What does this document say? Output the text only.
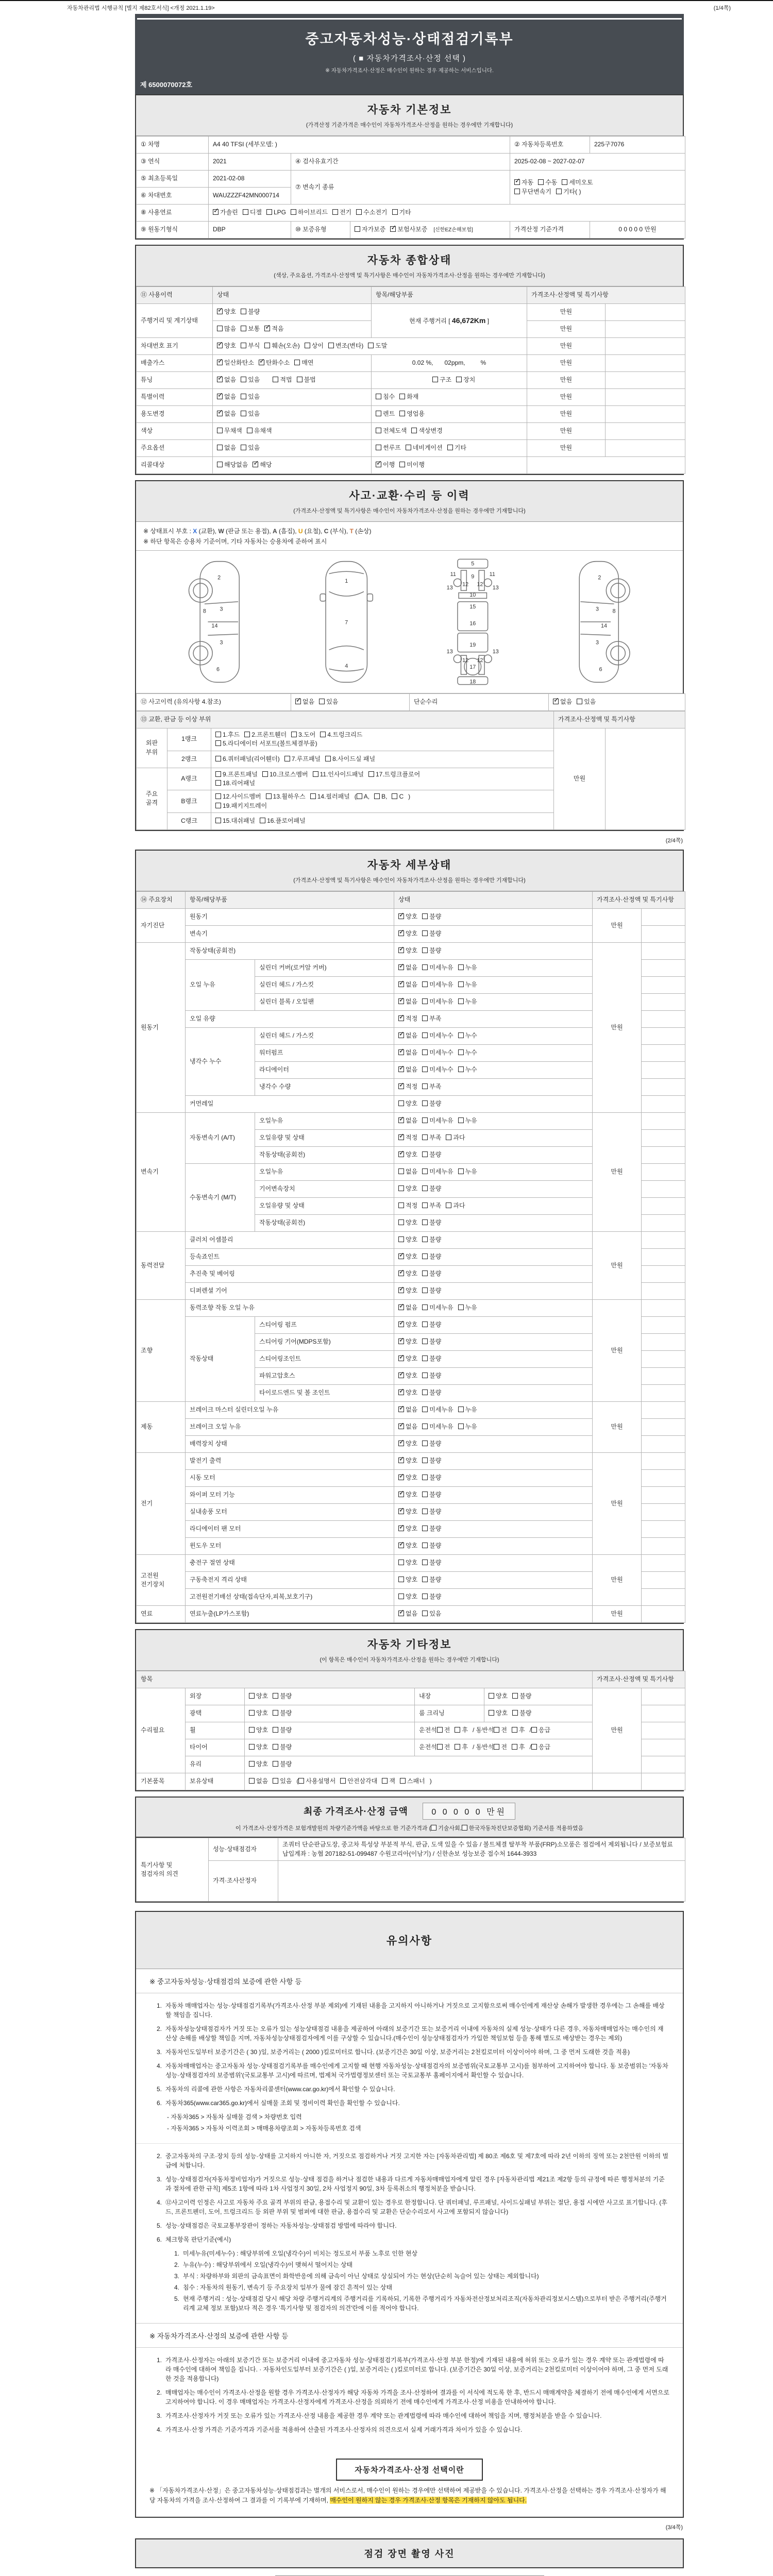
자동차관리법 시행규칙 [별지 제82호서식] <개정 2021.1.19>	(1/4쪽)
중고자동차성능·상태점검기록부
( ■ 자동차가격조사·산정 선택 )
※ 자동차가격조사·산정은 매수인이 원하는 경우 제공하는 서비스입니다.
제 6500070072호
자동차 기본정보
(가격산정 기준가격은 매수인이 자동차가격조사·산정을 원하는 경우에만 기재합니다)
① 차명	A4 40 TFSI (세부모델: )			② 자동차등록번호	225구7076
③ 연식	2021	④ 검사유효기간		2025-02-08 ~ 2027-02-07	
⑤ 최초등록일	2021-02-08	⑦ 변속기 종류	✓자동 수동 세미오토
무단변속기 기타( )
⑥ 차대번호	WAUZZZF42MN000714				
⑧ 사용연료	✓가솔린 디젤 LPG 하이브리드 전기 수소전기 기타
⑨ 원동기형식	DBP	⑩ 보증유형	자가보증 ✓ 보험사보증 [신한EZ손해보험]	가격산정 기준가격	0 0 0 0 0 만원
자동차 종합상태
(색상, 주요옵션, 가격조사·산정액 및 특기사항은 매수인이 자동차가격조사·산정을 원하는 경우에만 기재합니다)
⑪ 사용이력	상태	항목/해당부품	가격조사·산정액 및 특기사항	
주행거리 및 계기상태	✓양호 불량	현재 주행거리 [ 46,672Km ]	만원	
	많음 보통 ✓ 적음		만원	
차대번호 표기	✓양호 부식 훼손(오손) 상이 변조(변타) 도말		만원	
배출가스	✓일산화탄소 ✓ 탄화수소 매연	0.02 %, 02ppm, %	만원	
튜닝	✓없음 있음 적법 불법	구조 장치	만원	
특별이력	✓없음 있음	침수 화재	만원	
용도변경	✓없음 있음	렌트 영업용	만원	
색상	무채색 유채색	전체도색 색상변경	만원	
주요옵션	없음 있음	썬루프 네비게이션 기타	만원	
리콜대상	해당없음 ✓ 해당	✓이행 미이행	
사고·교환·수리 등 이력
(가격조사·산정액 및 특기사항은 매수인이 자동차가격조사·산정을 원하는 경우에만 기재합니다)
※ 상태표시 부호 : X (교환), W (판금 또는 용접), A (흠집), U (요철), C (부식), T (손상)
※ 하단 항목은 승용차 기준이며, 기타 자동차는 승용차에 준하여 표시
2
8	3
14
3
6
1
7
4
5
11	9	11
13
12 12
13
10
15
16
19
13	13
12 12
17
18
2
8
3
14
3
6
⑫ 사고이력 (유의사항 4.참조)	✓없음 있음	단순수리	✓없음 있음
⑬ 교환, 판금 등 이상 부위			가격조사·산정액 및 특기사항	
외판
부위	1랭크	1.후드 2.프론트휀더 3.도어 4.트렁크리드
5.라디에이터 서포트(볼트체결부품)	만원	
	2랭크	6.쿼터패널(리어휀더) 7.루프패널 8.사이드실 패널		
주요
골격	A랭크	9.프론트패널 10.크로스멤버 11.인사이드패널 17.트렁크플로어
18.리어패널		
	B랭크	12.사이드멤버 13.휠하우스 14.필러패널 ( A, B, C )
19.패키지트레이		
	C랭크	15.대쉬패널 16.플로어패널		
(2/4쪽)
자동차 세부상태
(가격조사·산정액 및 특기사항은 매수인이 자동차가격조사·산정을 원하는 경우에만 기재합니다)
⑭ 주요장치	항목/해당부품		상태	가격조사·산정액 및 특기사항	
자기진단	원동기	✓양호 불량	만원	
	변속기	✓양호 불량	
원동기	작동상태(공회전)	✓양호 불량	만원	
	오일 누유	실린더 커버(로커암 커버)	✓없음 미세누유 누유	
		실린더 헤드 / 가스킷	✓없음 미세누유 누유	
		실린더 블록 / 오일팬	✓없음 미세누유 누유	
	오일 유량	✓적정 부족	
	냉각수 누수	실린더 헤드 / 가스킷	✓없음 미세누수 누수	
		워터펌프	✓없음 미세누수 누수	
		라디에이터	✓없음 미세누수 누수	
		냉각수 수량	✓적정 부족	
	커먼레일		양호 불량		
변속기	자동변속기 (A/T)	오일누유	✓없음 미세누유 누유	만원	
		오일유량 및 상태	✓적정 부족 과다	
		작동상태(공회전)	✓양호 불량	
	수동변속기 (M/T)	오일누유	없음 미세누유 누유		
		기어변속장치	양호 불량		
		오일유량 및 상태	적정 부족 과다		
		작동상태(공회전)	양호 불량		
동력전달	클러치 어셈블리		양호 불량	만원	
	등속죠인트	✓양호 불량	
	추진축 및 베어링	✓양호 불량	
	디퍼렌셜 기어	✓양호 불량	
조향	동력조향 작동 오일 누유	✓없음 미세누유 누유	만원	
	작동상태	스티어링 펌프	✓양호 불량	
		스티어링 기어(MDPS포함)	✓양호 불량	
		스티어링조인트	✓양호 불량	
		파워고압호스	✓양호 불량	
		타이로드엔드 및 볼 조인트	✓양호 불량	
제동	브레이크 마스터 실린더오일 누유	✓없음 미세누유 누유	만원	
	브레이크 오일 누유	✓없음 미세누유 누유	
	배력장치 상태	✓양호 불량	
전기	발전기 출력	✓양호 불량	만원	
	시동 모터	✓양호 불량	
	와이퍼 모터 기능	✓양호 불량	
	실내송풍 모터	✓양호 불량	
	라디에이터 팬 모터	✓양호 불량	
	윈도우 모터	✓양호 불량	
고전원
전기장치	충전구 절연 상태		양호 불량	만원	
	구동축전지 격리 상태		양호 불량		
	고전원전기배선 상태(접속단자,피복,보호기구)		양호 불량		
연료	연료누출(LP가스포함)	✓없음 있음	만원	
자동차 기타정보
(이 항목은 매수인이 자동차가격조사·산정을 원하는 경우에만 기재합니다)
항목					가격조사·산정액 및 특기사항	
수리필요	외장	양호 불량	내장	양호 불량	만원	
	광택	양호 불량	룸 크리닝	양호 불량		
	휠	양호 불량	운전석 전 후 / 동반석 전 후 / 응급			
	타이어	양호 불량	운전석 전 후 / 동반석 전 후 / 응급			
	유리	양호 불량				
기본품목	보유상태	없음 있음 ( 사용설명서 안전삼각대 잭 스패너 )				
최종 가격조사·산정 금액	0 0 0 0 0 만원
이 가격조사·산정가격은 보험개발원의 차량기준가액을 바탕으로 한 기준가격과 ( 기술사회, 한국자동차진단보증협회) 기준서를 적용하였음
특기사항 및
점검자의 의견	성능·상태점검자	조쿼터 단순판금도장, 중고차 특성상 부분적 부식, 판금, 도색 있을 수 있음 / 볼트체결 탈부착 부품(FRP)소모품은 점검에서 제외됩니다 / 보증보험료 납입계좌 : 농협 207182-51-099487 수원코리아(이남기) / 신한손보 성능보증 접수처 1644-3933
	가격·조사산정자	
유의사항
※ 중고자동차성능·상태점검의 보증에 관한 사항 등
1. 자동차 매매업자는 성능·상태점검기록부(가격조사·산정 부분 제외)에 기재된 내용을 고지하지 아니하거나 거짓으로 고지함으로써 매수인에게 재산상 손해가 발생한 경우에는 그 손해를 배상할 책임을 집니다.
2. 자동차성능상태점검자가 거짓 또는 오류가 있는 성능상태점검 내용을 제공하여 아래의 보증기간 또는 보증거리 이내에 자동차의 실제 성능·상태가 다른 경우, 자동차매매업자는 매수인의 재산상 손해를 배상할 책임을 지며, 자동차성능상태점검자에게 이를 구상할 수 있습니다.(매수인이 성능상태점검자가 가입한 책임보험 등을 통해 별도로 배상받는 경우는 제외)
3. 자동차인도일부터 보증기간은 ( 30 )일, 보증거리는 ( 2000 )킬로미터로 합니다. (보증기간은 30일 이상, 보증거리는 2천킬로미터 이상이어야 하며, 그 중 먼저 도래한 것을 적용)
4. 자동차매매업자는 중고자동차 성능·상태점검기록부를 매수인에게 고지할 때 현행 자동차성능·상태점검자의 보증범위(국토교통부 고시)를 첨부하여 고지하여야 합니다. 동 보증범위는 '자동차성능·상태점검자의 보증범위'(국토교통부 고시)에 따르며, 법제처 국가법령정보센터 또는 국토교통부 홈페이지에서 확인할 수 있습니다.
5. 자동차의 리콜에 관한 사항은 자동차리콜센터(www.car.go.kr)에서 확인할 수 있습니다.
6. 자동차365(www.car365.go.kr)에서 실매물 조회 및 정비이력 확인을 확인할 수 있습니다.
- 자동차365 > 자동차 실매물 검색 > 차량번호 입력
- 자동차365 > 자동차 이력조회 > 매매용차량조회 > 자동차등록번호 검색
2. 중고자동차의 구조·장치 등의 성능·상태를 고지하지 아니한 자, 거짓으로 점검하거나 거짓 고지한 자는 [자동차관리법] 제 80조 제6호 및 제7호에 따라 2년 이하의 징역 또는 2천만원 이하의 벌금에 처합니다.
3. 성능·상태점검자(자동차정비업자)가 거짓으로 성능·상태 점검을 하거나 점검한 내용과 다르게 자동차매매업자에게 알린 경우 [자동차관리법 제21조 제2항 등의 규정에 따른 행정처분의 기준과 절차에 관한 규칙] 제5조 1항에 따라 1차 사업정지 30일, 2차 사업정지 90일, 3차 등록취소의 행정처분을 받습니다.
4. ⑫사고이력 인정은 사고로 자동차 주요 골격 부위의 판금, 용접수리 및 교환이 있는 경우로 한정합니다. 단 쿼터패널, 루프패널, 사이드실패널 부위는 절단, 용접 시에만 사고로 표기합니다. (후드, 프론트펜더, 도어, 트렁크리드 등 외판 부위 및 범퍼에 대한 판금, 용접수리 및 교환은 단순수리로서 사고에 포함되지 않습니다)
5. 성능·상태점검은 국토교통부장관이 정하는 자동차성능·상태점검 방법에 따라야 합니다.
6. 체크항목 판단기준(예시)
1. 미세누유(미세누수) : 해당부위에 오일(냉각수)이 비치는 정도로서 부품 노후로 인한 현상
2. 누유(누수) : 해당부위에서 오일(냉각수)이 맺혀서 떨어지는 상태
3. 부식 : 차량하부와 외판의 금속표면이 화학반응에 의해 금속이 아닌 상태로 상실되어 가는 현상(단순히 녹슬어 있는 상태는 제외합니다)
4. 침수 : 자동차의 원동기, 변속기 등 주요장치 일부가 물에 잠긴 흔적이 있는 상태
5. 현재 주행거리 : 성능·상태점검 당시 해당 차량 주행거리계의 주행거리를 기록하되, 기록한 주행거리가 자동차전산정보처리조직(자동차관리정보시스템)으로부터 받은 주행거리(주행거리계 교체 정보 포함)보다 적은 경우 '특기사항 및 점검자의 의견'란에 이를 적어야 합니다.
※ 자동차가격조사·산정의 보증에 관한 사항 등
1. 가격조사·산정자는 아래의 보증기간 또는 보증거리 이내에 중고자동차 성능·상태점검기록부(가격조사·산정 부분 한정)에 기재된 내용에 허위 또는 오류가 있는 경우 계약 또는 관계법령에 따라 매수인에 대하여 책임을 집니다. · 자동차인도일부터 보증기간은 ( )일, 보증거리는 ( )킬로미터로 합니다. (보증기간은 30일 이상, 보증거리는 2천킬로미터 이상이어야 하며, 그 중 먼저 도래한 것을 적용합니다)
2. 매매업자는 매수인이 가격조사·산정을 원할 경우 가격조사·산정자가 해당 자동차 가격을 조사·산정하여 결과를 이 서식에 적도록 한 후, 반드시 매매계약을 체결하기 전에 매수인에게 서면으로 고지하여야 합니다. 이 경우 매매업자는 가격조사·산정자에게 가격조사·산정을 의뢰하기 전에 매수인에게 가격조사·산정 비용을 안내하여야 합니다.
3. 가격조사·산정자가 거짓 또는 오류가 있는 가격조사·산정 내용을 제공한 경우 계약 또는 관계법령에 따라 매수인에 대하여 책임을 지며, 행정처분을 받을 수 있습니다.
4. 가격조사·산정 가격은 기준가격과 기준서를 적용하여 산출된 가격조사·산정자의 의견으로서 실제 거래가격과 차이가 있을 수 있습니다.
자동차가격조사·산정 선택이란

※ 「자동차가격조사·산정」은 중고자동차성능·상태점검과는 별개의 서비스로서, 매수인이 원하는 경우에만 선택하여 제공받을 수 있습니다. 가격조사·산정을 선택하는 경우 가격조사·산정자가 해당 자동차의 가격을 조사·산정하여 그 결과를 이 기록부에 기재하며, 매수인이 원하지 않는 경우 가격조사·산정 항목은 기재하지 않아도 됩니다.

(3/4쪽)
점검 장면 촬영 사진
